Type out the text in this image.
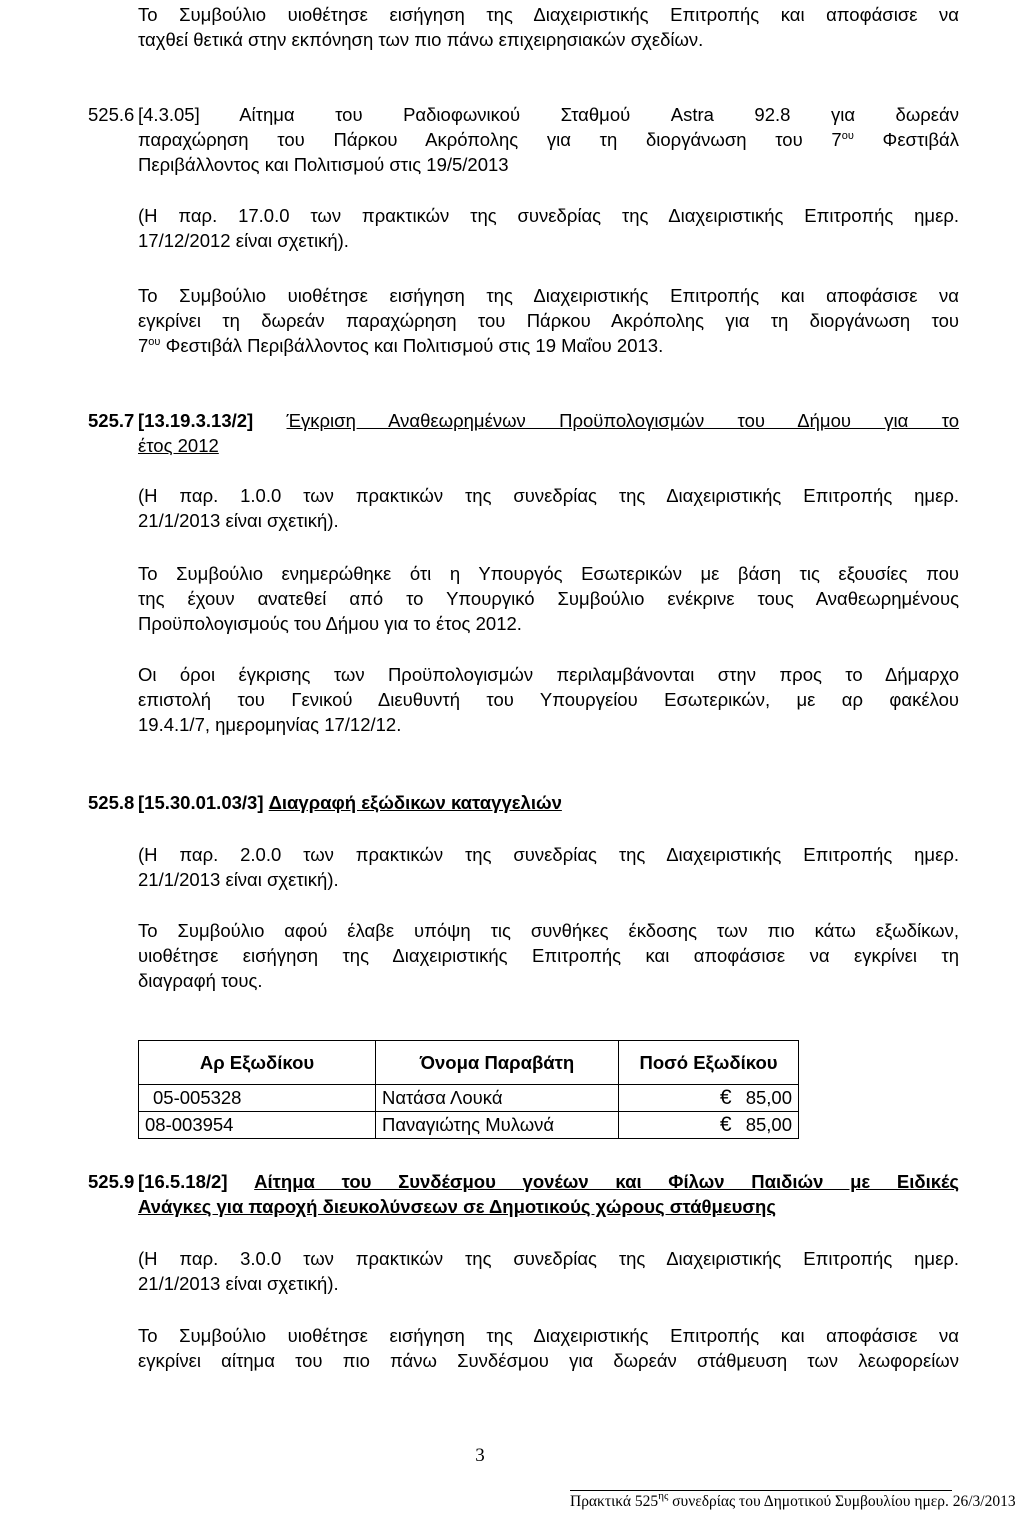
Το Συμβούλιο υιοθέτησε εισήγηση της Διαχειριστικής Επιτροπής και αποφάσισε να
ταχθεί θετικά στην εκπόνηση των πιο πάνω επιχειρησιακών σχεδίων.
525.6 [4.3.05] Αίτημα του Ραδιοφωνικού Σταθμού Astra 92.8 για δωρεάν
παραχώρηση του Πάρκου Ακρόπολης για τη διοργάνωση του $7^{o\upsilon}$ Φεστιβάλ
Περιβάλλοντος και Πολιτισμού στις 19/5/2013
(Η παρ. 17.0.0 των πρακτικών της συνεδρίας της Διαχειριστικής Επιτροπής ημερ.
17/12/2012 είναι σχετική).
Το Συμβούλιο υιοθέτησε εισήγηση της Διαχειριστικής Επιτροπής και αποφάσισε να
εγκρίνει τη δωρεάν παραχώρηση του Πάρκου Ακρόπολης για τη διοργάνωση του
$7^{o\upsilon}$ Φεστιβάλ Περιβάλλοντος και Πολιτισμού στις 19 Μαΐου 2013.
525.7 [13.19.3.13/2] Έγκριση Αναθεωρημένων Προϋπολογισμών του Δήμου για το
έτος 2012
(Η παρ. 1.0.0 των πρακτικών της συνεδρίας της Διαχειριστικής Επιτροπής ημερ.
21/1/2013 είναι σχετική).
Το Συμβούλιο ενημερώθηκε ότι η Υπουργός Εσωτερικών με βάση τις εξουσίες που
της έχουν ανατεθεί από το Υπουργικό Συμβούλιο ενέκρινε τους Αναθεωρημένους
Προϋπολογισμούς του Δήμου για το έτος 2012.
Οι όροι έγκρισης των Προϋπολογισμών περιλαμβάνονται στην προς το Δήμαρχο
επιστολή του Γενικού Διευθυντή του Υπουργείου Εσωτερικών, με αρ φακέλου
19.4.1/7, ημερομηνίας 17/12/12.
525.8 [15.30.01.03/3] Διαγραφή εξώδικων καταγγελιών
(Η παρ. 2.0.0 των πρακτικών της συνεδρίας της Διαχειριστικής Επιτροπής ημερ.
21/1/2013 είναι σχετική).
Το Συμβούλιο αφού έλαβε υπόψη τις συνθήκες έκδοσης των πιο κάτω εξωδίκων,
υιοθέτησε εισήγηση της Διαχειριστικής Επιτροπής και αποφάσισε να εγκρίνει τη
διαγραφή τους.
Αρ Εξωδίκου	Όνομα Παραβάτη	Ποσό Εξωδίκου
05-005328	Νατάσα Λουκά	€ 85,00
08-003954	Παναγιώτης Μυλωνά	€ 85,00
525.9 [16.5.18/2] Αίτημα του Συνδέσμου γονέων και Φίλων Παιδιών με Ειδικές
Ανάγκες για παροχή διευκολύνσεων σε Δημοτικούς χώρους στάθμευσης
(Η παρ. 3.0.0 των πρακτικών της συνεδρίας της Διαχειριστικής Επιτροπής ημερ.
21/1/2013 είναι σχετική).
Το Συμβούλιο υιοθέτησε εισήγηση της Διαχειριστικής Επιτροπής και αποφάσισε να
εγκρίνει αίτημα του πιο πάνω Συνδέσμου για δωρεάν στάθμευση των λεωφορείων
3
Πρακτικά $525^{\eta\varsigma}$ συνεδρίας του Δημοτικού Συμβουλίου ημερ. 26/3/2013
